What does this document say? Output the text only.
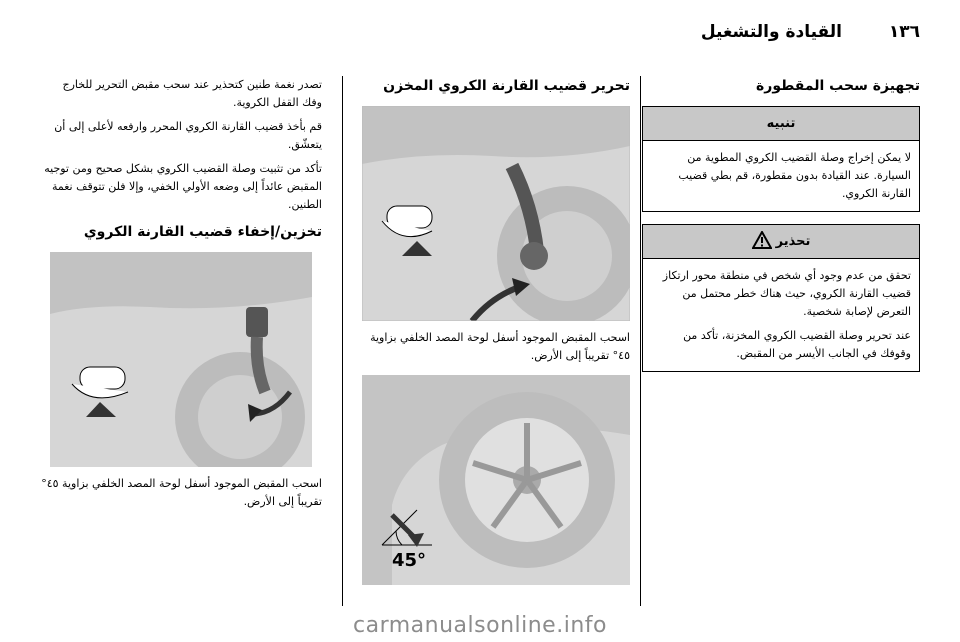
١٣٦
القيادة والتشغيل
تجهيزة سحب المقطورة
تنبيه

لا يمكن إخراج وصلة القضيب الكروي المطوية من السيارة. عند القيادة بدون مقطورة، قم بطي قضيب القارنة الكروي.

تحذير

تحقق من عدم وجود أي شخص في منطقة محور ارتكاز قضيب القارنة الكروي، حيث هناك خطر محتمل من التعرض لإصابة شخصية.

عند تحرير وصلة القضيب الكروي المخزنة، تأكد من وقوفك في الجانب الأيسر من المقبض.

تحرير قضيب القارنة الكروي المخزن
اسحب المقبض الموجود أسفل لوحة المصد الخلفي بزاوية ٤٥° تقريباً إلى الأرض.
45°

تصدر نغمة طنين كتحذير عند سحب مقبض التحرير للخارج وفك القفل الكروية.

قم بأخذ قضيب القارنة الكروي المحرر وارفعه لأعلى إلى أن يتعشّق.

تأكد من تثبيت وصلة القضيب الكروي بشكل صحيح ومن توجيه المقبض عائداً إلى وضعه الأولي الخفي، وإلا فلن تتوقف نغمة الطنين.

تخزين/إخفاء قضيب القارنة الكروي
اسحب المقبض الموجود أسفل لوحة المصد الخلفي بزاوية ٤٥° تقريباً إلى الأرض.
carmanualsonline.info
